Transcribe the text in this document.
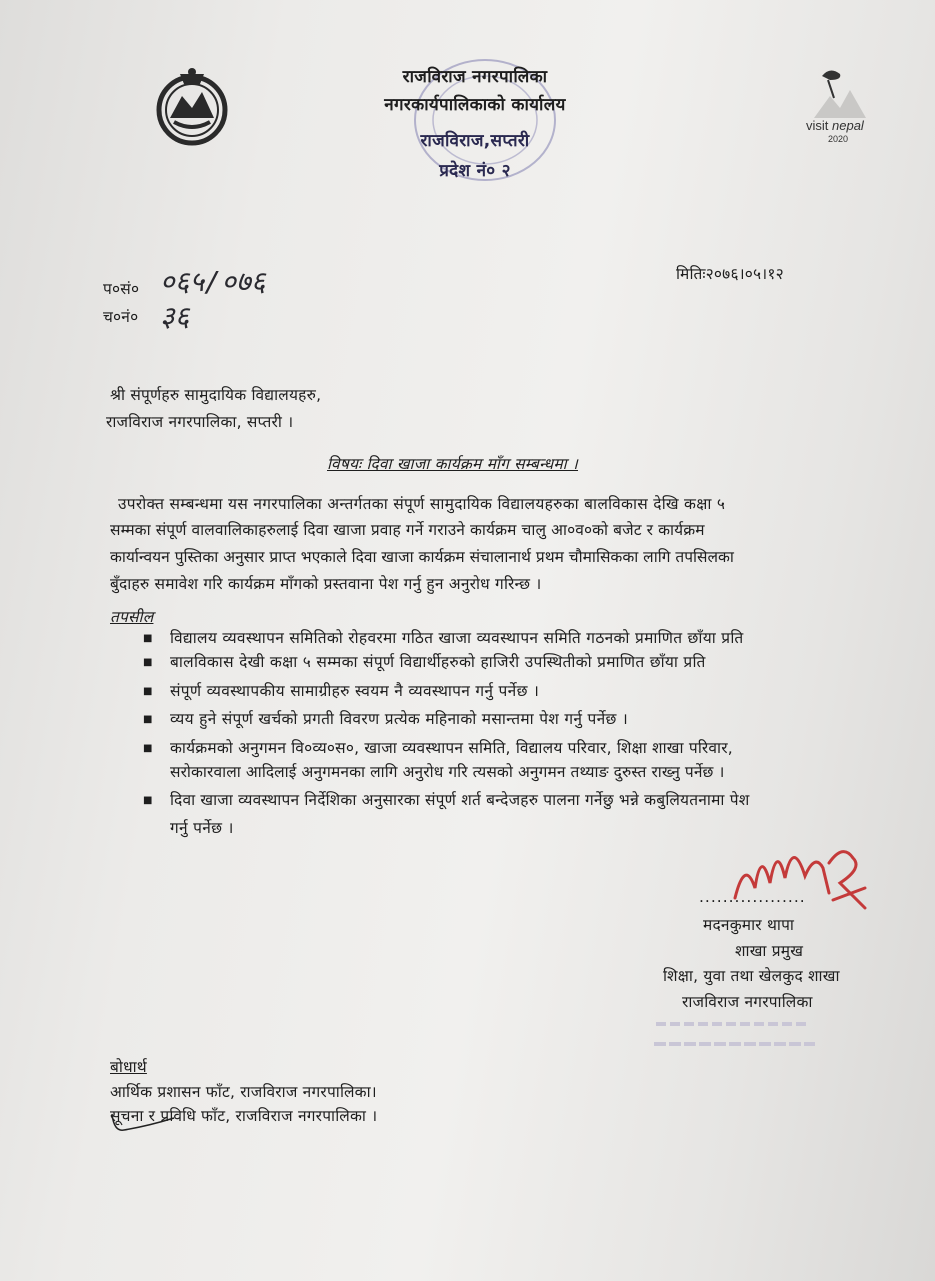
visit nepal
2020
राजविराज नगरपालिका
नगरकार्यपालिकाको कार्यालय
राजविराज,सप्तरी
प्रदेश नं० २
प०सं० ०६५/०७६
च०नं० ३६
मितिः२०७६।०५।१२
श्री संपूर्णहरु सामुदायिक विद्यालयहरु,
राजविराज नगरपालिका, सप्तरी ।
विषयः दिवा खाजा कार्यक्रम माँग सम्बन्धमा ।
उपरोक्त सम्बन्धमा यस नगरपालिका अन्तर्गतका संपूर्ण सामुदायिक विद्यालयहरुका बालविकास देखि कक्षा ५
सम्मका संपूर्ण वालवालिकाहरुलाई दिवा खाजा प्रवाह गर्ने गराउने कार्यक्रम चालु आ०व०को बजेट र कार्यक्रम
कार्यान्वयन पुस्तिका अनुसार प्राप्त भएकाले दिवा खाजा कार्यक्रम संचालानार्थ प्रथम चौमासिकका लागि तपसिलका
बुँदाहरु समावेश गरि कार्यक्रम माँगको प्रस्तवाना पेश गर्नु हुन अनुरोध गरिन्छ ।
तपसील
■ विद्यालय व्यवस्थापन समितिको रोहवरमा गठित खाजा व्यवस्थापन समिति गठनको प्रमाणित छाँया प्रति
■ बालविकास देखी कक्षा ५ सम्मका संपूर्ण विद्यार्थीहरुको हाजिरी उपस्थितीको प्रमाणित छाँया प्रति
■ संपूर्ण व्यवस्थापकीय सामाग्रीहरु स्वयम नै व्यवस्थापन गर्नु पर्नेछ ।
■ व्यय हुने संपूर्ण खर्चको प्रगती विवरण प्रत्येक महिनाको मसान्तमा पेश गर्नु पर्नेछ ।
■ कार्यक्रमको अनुगमन वि०व्य०स०, खाजा व्यवस्थापन समिति, विद्यालय परिवार, शिक्षा शाखा परिवार,
सरोकारवाला आदिलाई अनुगमनका लागि अनुरोध गरि त्यसको अनुगमन तथ्याङ दुरुस्त राख्नु पर्नेछ ।
■ दिवा खाजा व्यवस्थापन निर्देशिका अनुसारका संपूर्ण शर्त बन्देजहरु पालना गर्नेछु भन्ने कबुलियतनामा पेश
गर्नु पर्नेछ ।
..................
मदनकुमार थापा
शाखा प्रमुख
शिक्षा, युवा तथा खेलकुद शाखा
राजविराज नगरपालिका
बोधार्थ
आर्थिक प्रशासन फाँट, राजविराज नगरपालिका।
सूचना र प्रविधि फाँट, राजविराज नगरपालिका ।
